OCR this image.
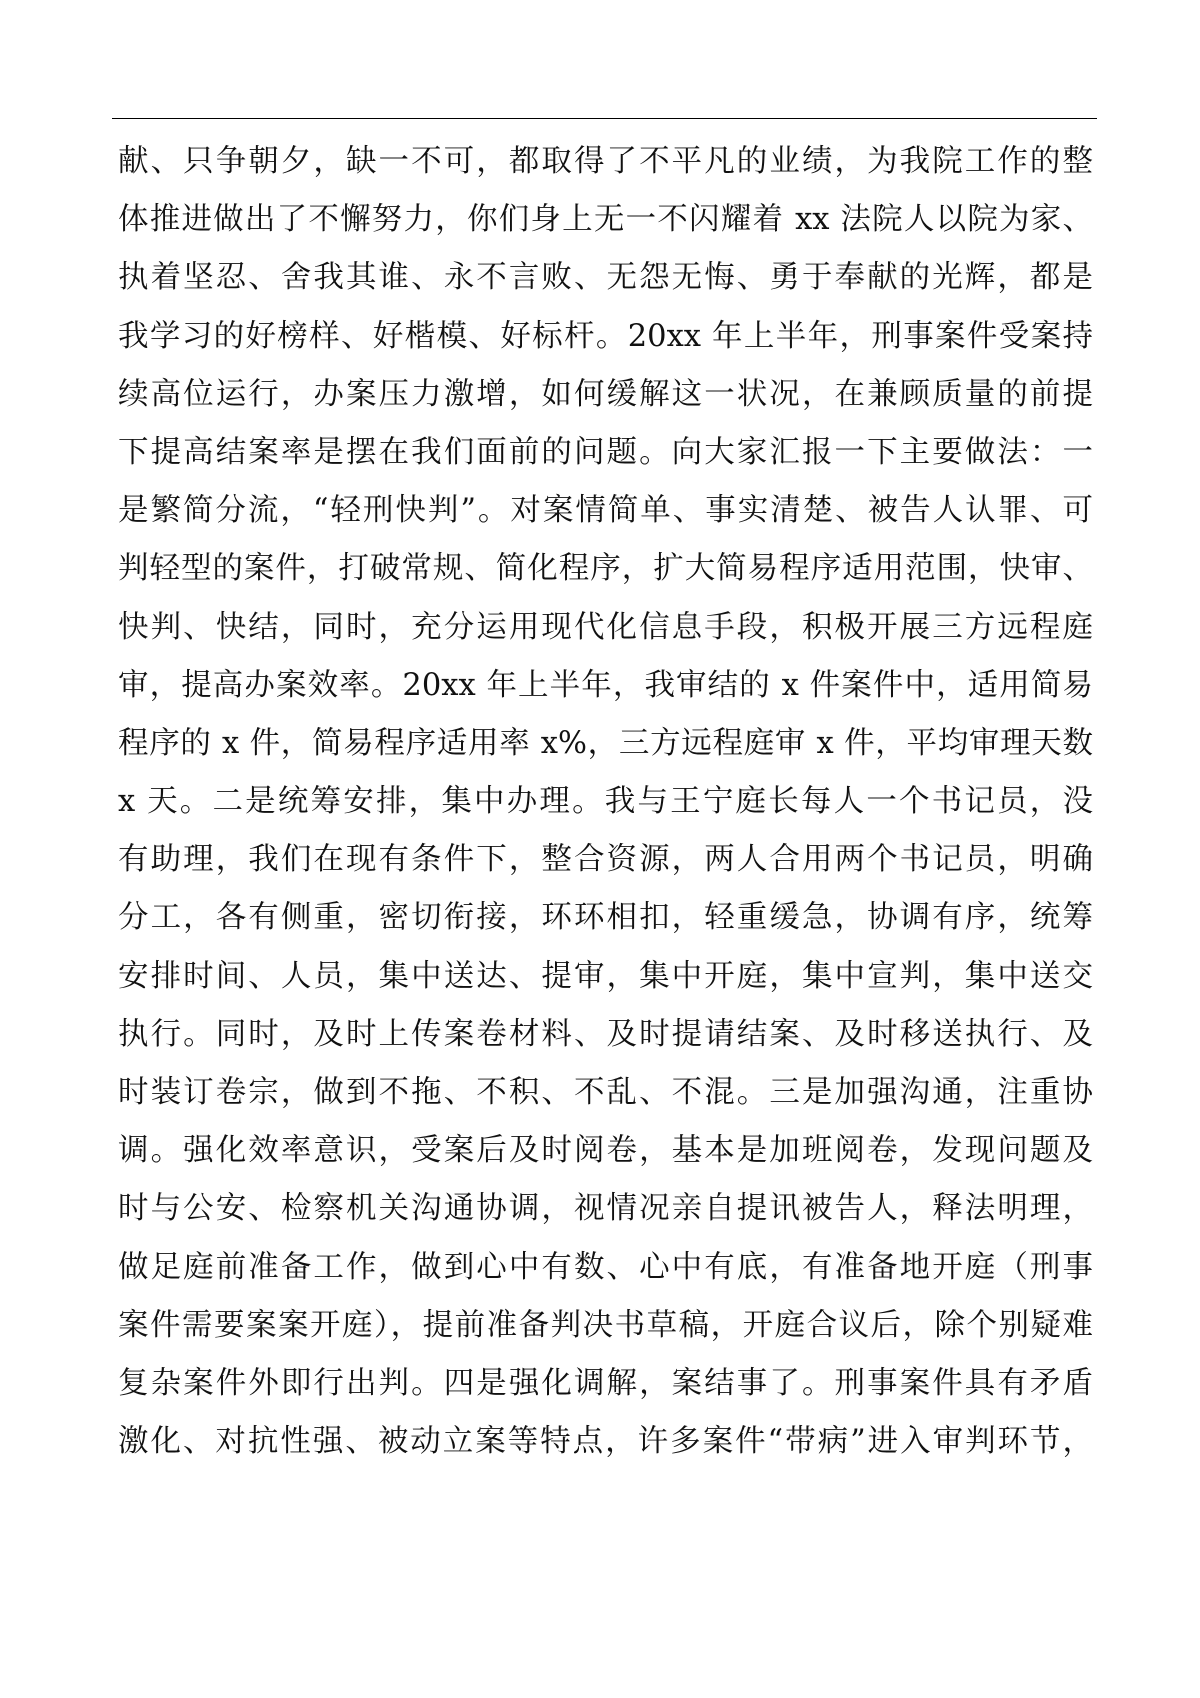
献、只争朝夕，缺一不可，都取得了不平凡的业绩，为我院工作的整
体推进做出了不懈努力，你们身上无一不闪耀着 xx 法院人以院为家、
执着坚忍、舍我其谁、永不言败、无怨无悔、勇于奉献的光辉，都是
我学习的好榜样、好楷模、好标杆。20xx 年上半年，刑事案件受案持
续高位运行，办案压力激增，如何缓解这一状况，在兼顾质量的前提
下提高结案率是摆在我们面前的问题。向大家汇报一下主要做法：一
是繁简分流，“轻刑快判”。对案情简单、事实清楚、被告人认罪、可
判轻型的案件，打破常规、简化程序，扩大简易程序适用范围，快审、
快判、快结，同时，充分运用现代化信息手段，积极开展三方远程庭
审，提高办案效率。20xx 年上半年，我审结的 x 件案件中，适用简易
程序的 x 件，简易程序适用率 x%，三方远程庭审 x 件，平均审理天数
x 天。二是统筹安排，集中办理。我与王宁庭长每人一个书记员，没
有助理，我们在现有条件下，整合资源，两人合用两个书记员，明确
分工，各有侧重，密切衔接，环环相扣，轻重缓急，协调有序，统筹
安排时间、人员，集中送达、提审，集中开庭，集中宣判，集中送交
执行。同时，及时上传案卷材料、及时提请结案、及时移送执行、及
时装订卷宗，做到不拖、不积、不乱、不混。三是加强沟通，注重协
调。强化效率意识，受案后及时阅卷，基本是加班阅卷，发现问题及
时与公安、检察机关沟通协调，视情况亲自提讯被告人，释法明理，
做足庭前准备工作，做到心中有数、心中有底，有准备地开庭（刑事
案件需要案案开庭），提前准备判决书草稿，开庭合议后，除个别疑难
复杂案件外即行出判。四是强化调解，案结事了。刑事案件具有矛盾
激化、对抗性强、被动立案等特点，许多案件“带病”进入审判环节，
